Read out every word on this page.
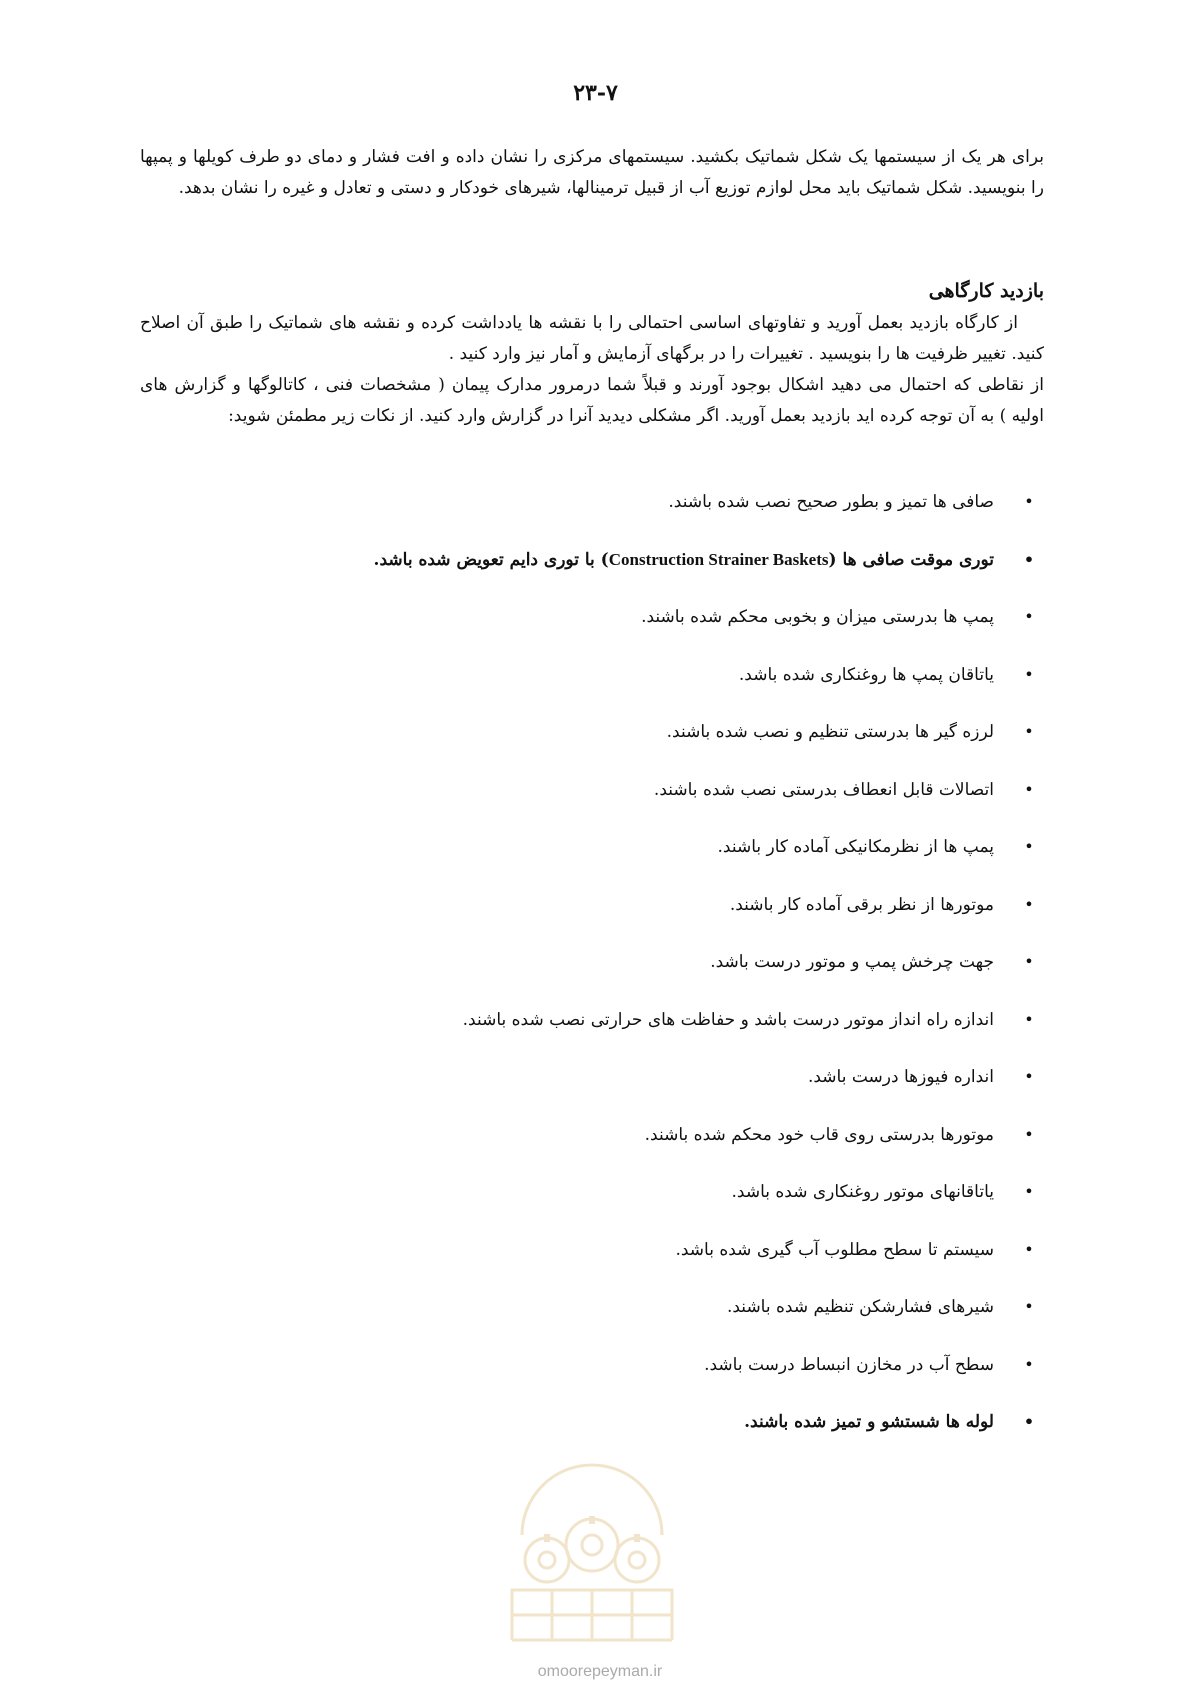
۲۳-۷
برای هر یک از سیستمها یک شکل شماتیک بکشید. سیستمهای مرکزی را نشان داده و افت فشار و دمای دو طرف کویلها و پمپها را بنویسید. شکل شماتیک باید محل لوازم توزیع آب از قبیل ترمینالها، شیرهای خودکار و دستی و تعادل و غیره را نشان بدهد.
بازدید کارگاهی

از کارگاه بازدید بعمل آورید و تفاوتهای اساسی احتمالی را با نقشه ها یادداشت کرده و نقشه های شماتیک را طبق آن اصلاح کنید. تغییر ظرفیت ها را بنویسید . تغییرات را در برگهای آزمایش و آمار نیز وارد کنید .

از نقاطی که احتمال می دهید اشکال بوجود آورند و قبلاً شما درمرور مدارک پیمان ( مشخصات فنی ، کاتالوگها و گزارش های اولیه ) به آن توجه کرده اید بازدید بعمل آورید. اگر مشکلی دیدید آنرا در گزارش وارد کنید. از نکات زیر مطمئن شوید:

•
صافی ها تمیز و بطور صحیح نصب شده باشند.
•
توری موقت صافی ها (Construction Strainer Baskets) با توری دایم تعویض شده باشد.
•
پمپ ها بدرستی میزان و بخوبی محکم شده باشند.
•
یاتاقان پمپ ها روغنکاری شده باشد.
•
لرزه گیر ها بدرستی تنظیم و نصب شده باشند.
•
اتصالات قابل انعطاف بدرستی نصب شده باشند.
•
پمپ ها از نظرمکانیکی آماده کار باشند.
•
موتورها از نظر برقی آماده کار باشند.
•
جهت چرخش پمپ و موتور درست باشد.
•
اندازه راه انداز موتور درست باشد و حفاظت های حرارتی نصب شده باشند.
•
انداره فیوزها درست باشد.
•
موتورها بدرستی روی قاب خود محکم شده باشند.
•
یاتاقانهای موتور روغنکاری شده باشد.
•
سیستم تا سطح مطلوب آب گیری شده باشد.
•
شیرهای فشارشکن تنظیم شده باشند.
•
سطح آب در مخازن انبساط درست باشد.
•
لوله ها شستشو و تمیز شده باشند.
omoorepeyman.ir
